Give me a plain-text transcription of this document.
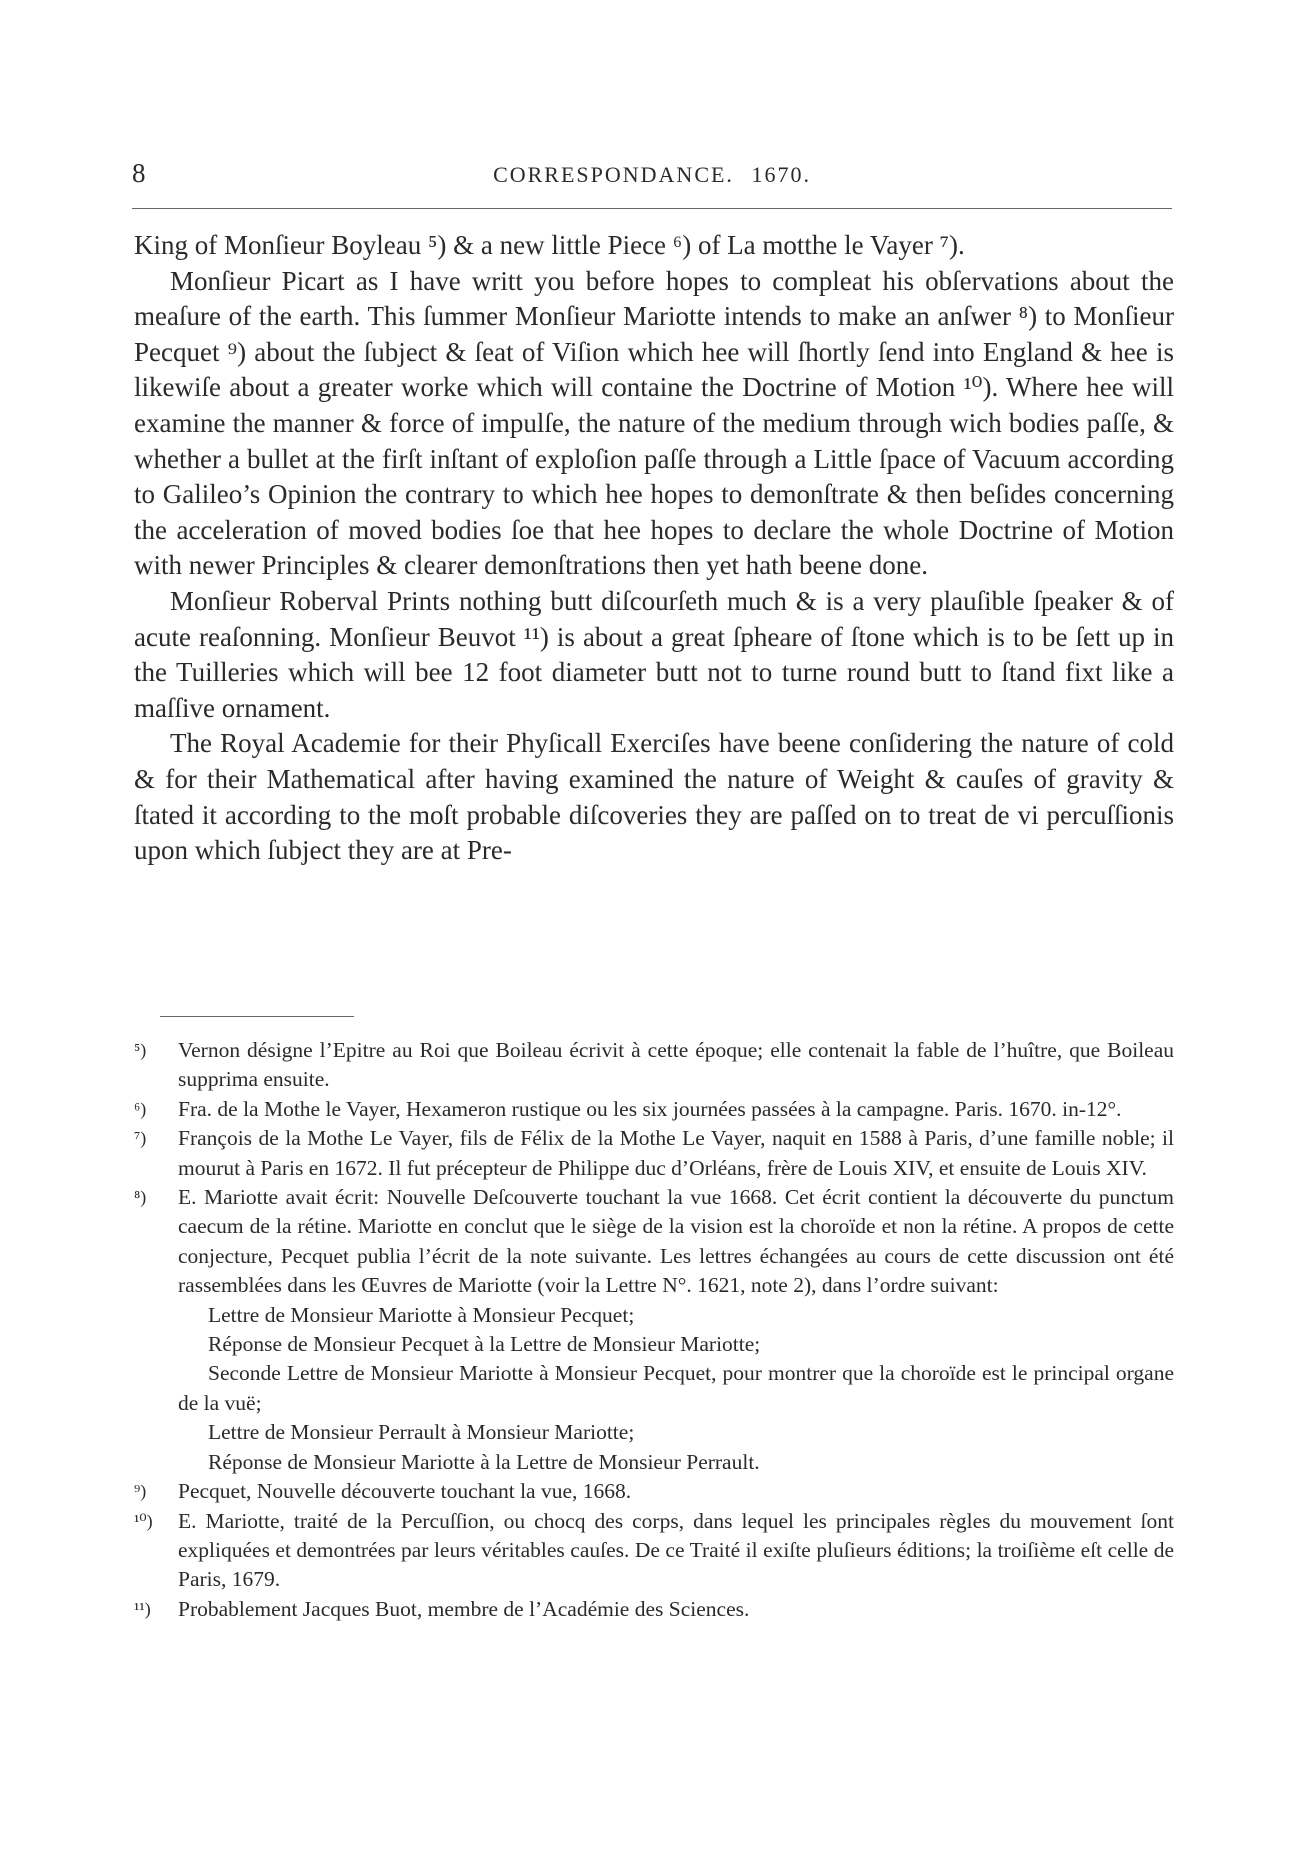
8	CORRESPONDANCE. 1670.

King of Monſieur Boyleau ⁵) & a new little Piece ⁶) of La motthe le Vayer ⁷).

Monſieur Picart as I have writt you before hopes to compleat his obſervations about the meaſure of the earth. This ſummer Monſieur Mariotte intends to make an anſwer ⁸) to Monſieur Pecquet ⁹) about the ſubject & ſeat of Viſion which hee will ſhortly ſend into England & hee is likewiſe about a greater worke which will containe the Doctrine of Motion ¹⁰). Where hee will examine the manner & force of impulſe, the nature of the medium through wich bodies paſſe, & whether a bullet at the firſt inſtant of exploſion paſſe through a Little ſpace of Vacuum according to Galileo’s Opinion the contrary to which hee hopes to demonſtrate & then beſides concerning the acceleration of moved bodies ſoe that hee hopes to declare the whole Doctrine of Motion with newer Principles & clearer demonſtrations then yet hath beene done.

Monſieur Roberval Prints nothing butt diſcourſeth much & is a very plauſible ſpeaker & of acute reaſonning. Monſieur Beuvot ¹¹) is about a great ſpheare of ſtone which is to be ſett up in the Tuilleries which will bee 12 foot diameter butt not to turne round butt to ſtand fixt like a maſſive ornament.

The Royal Academie for their Phyſicall Exerciſes have beene conſidering the nature of cold & for their Mathematical after having examined the nature of Weight & cauſes of gravity & ſtated it according to the moſt probable diſcoveries they are paſſed on to treat de vi percuſſionis upon which ſubject they are at Pre-

⁵)	Vernon désigne l’Epitre au Roi que Boileau écrivit à cette époque; elle contenait la fable de l’huître, que Boileau supprima ensuite.
⁶)	Fra. de la Mothe le Vayer, Hexameron rustique ou les six journées passées à la campagne. Paris. 1670. in-12°.
⁷)	François de la Mothe Le Vayer, fils de Félix de la Mothe Le Vayer, naquit en 1588 à Paris, d’une famille noble; il mourut à Paris en 1672. Il fut précepteur de Philippe duc d’Orléans, frère de Louis XIV, et ensuite de Louis XIV.
⁸)	E. Mariotte avait écrit: Nouvelle Deſcouverte touchant la vue 1668. Cet écrit contient la découverte du punctum caecum de la rétine. Mariotte en conclut que le siège de la vision est la choroïde et non la rétine. A propos de cette conjecture, Pecquet publia l’écrit de la note suivante. Les lettres échangées au cours de cette discussion ont été rassemblées dans les Œuvres de Mariotte (voir la Lettre N°. 1621, note 2), dans l’ordre suivant:
Lettre de Monsieur Mariotte à Monsieur Pecquet;
Réponse de Monsieur Pecquet à la Lettre de Monsieur Mariotte;
Seconde Lettre de Monsieur Mariotte à Monsieur Pecquet, pour montrer que la choroïde est le principal organe de la vuë;
Lettre de Monsieur Perrault à Monsieur Mariotte;
Réponse de Monsieur Mariotte à la Lettre de Monsieur Perrault.
⁹)	Pecquet, Nouvelle découverte touchant la vue, 1668.
¹⁰)	E. Mariotte, traité de la Percuſſion, ou chocq des corps, dans lequel les principales règles du mouvement ſont expliquées et demontrées par leurs véritables cauſes. De ce Traité il exiſte pluſieurs éditions; la troiſième eſt celle de Paris, 1679.
¹¹)	Probablement Jacques Buot, membre de l’Académie des Sciences.
